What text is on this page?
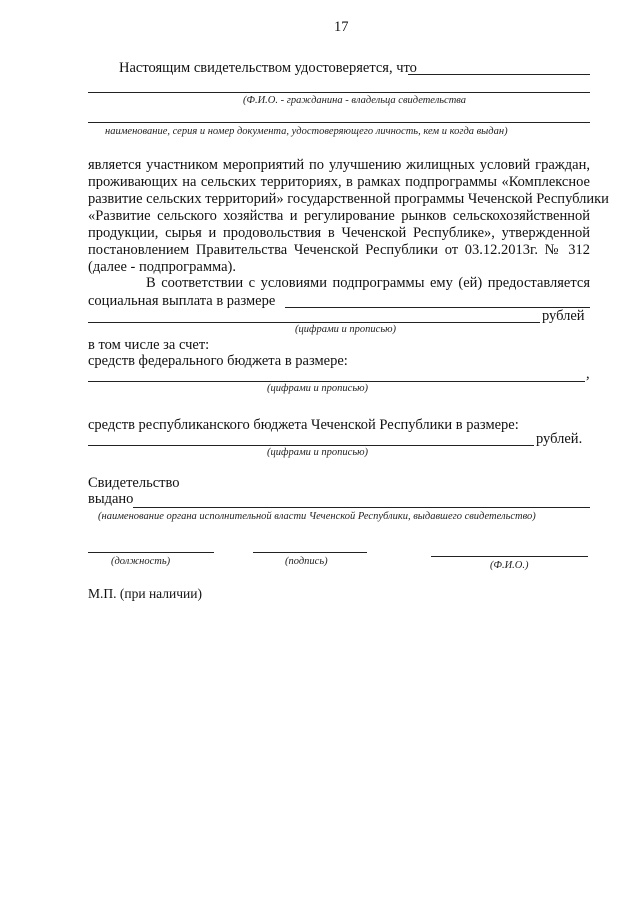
17
Настоящим свидетельством удостоверяется, что
(Ф.И.О. - гражданина - владельца свидетельства
наименование, серия и номер документа, удостоверяющего личность, кем и когда выдан)
является участником мероприятий по улучшению жилищных условий граждан,
проживающих на сельских территориях, в рамках подпрограммы «Комплексное
развитие сельских территорий» государственной программы Чеченской Республики
«Развитие сельского хозяйства и регулирование рынков сельскохозяйственной
продукции, сырья и продовольствия в Чеченской Республике», утвержденной
постановлением Правительства Чеченской Республики от 03.12.2013г. № 312
(далее - подпрограмма).
В соответствии с условиями подпрограммы ему (ей) предоставляется
социальная выплата в размере
рублей
(цифрами и прописью)
в том числе за счет:
средств федерального бюджета в размере:
,
(цифрами и прописью)
средств республиканского бюджета Чеченской Республики в размере:
рублей.
(цифрами и прописью)
Свидетельство
выдано
(наименование органа исполнительной власти Чеченской Республики, выдавшего свидетельство)
(должность)	(подпись)	(Ф.И.О.)
М.П. (при наличии)
